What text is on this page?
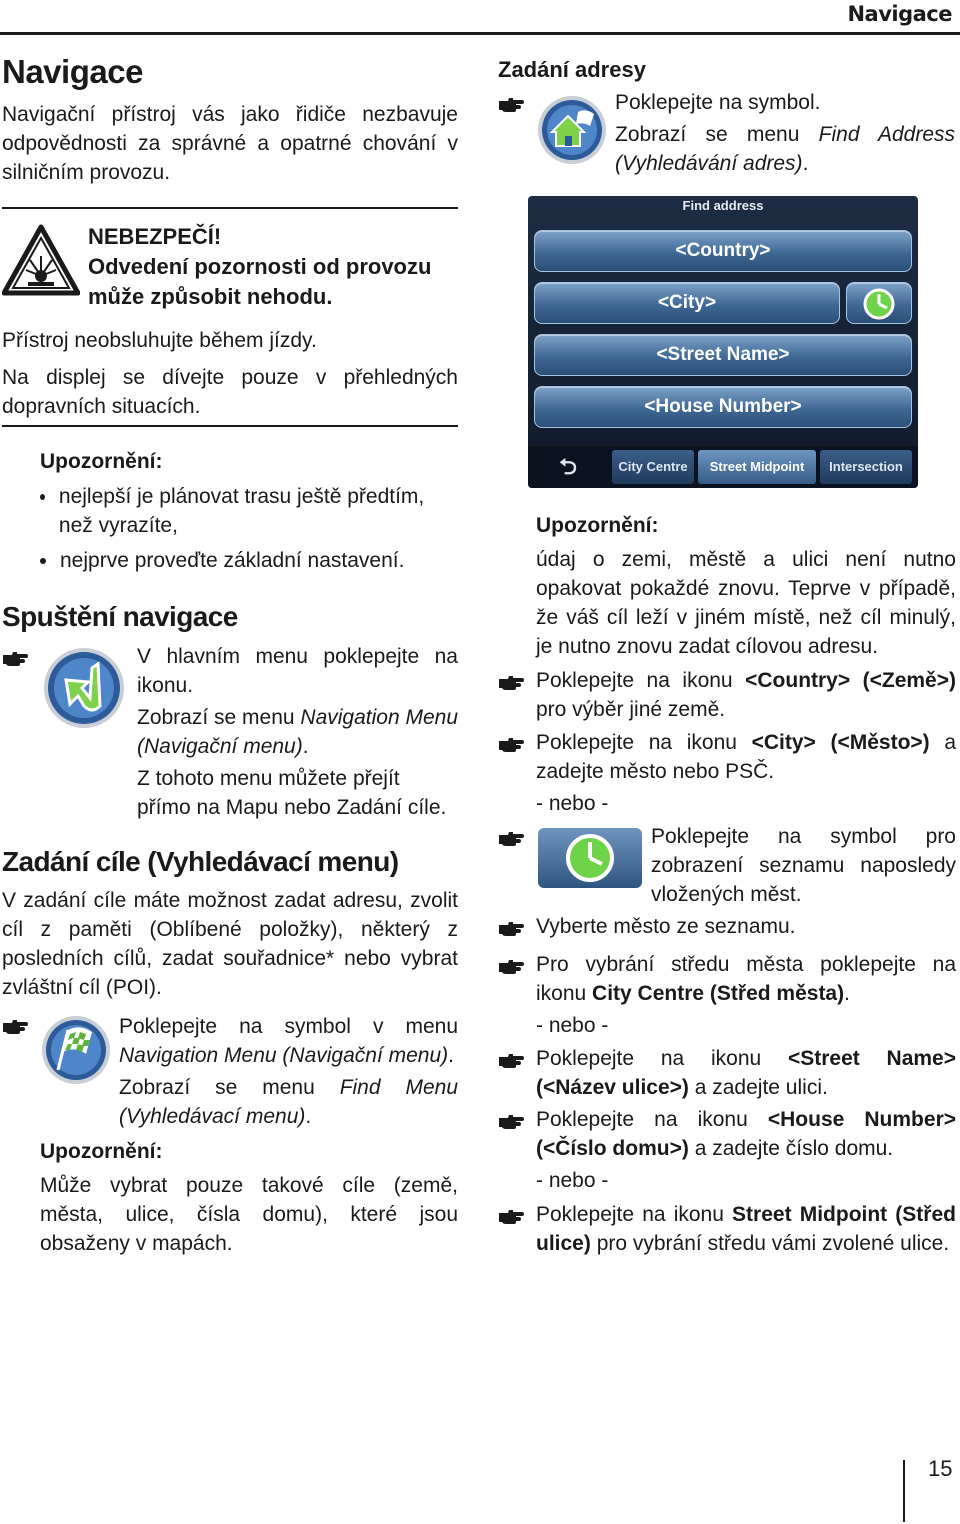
Navigace
Navigace

Navigační přístroj vás jako řidiče nezbavuje odpovědnosti za správné a opatrné chování v silničním provozu.

NEBEZPEČÍ!
Odvedení pozornosti od provozu může způsobit nehodu.

Přístroj neobsluhujte během jízdy.

Na displej se dívejte pouze v přehledných dopravních situacích.

Upozornění:
nejlepší je plánovat trasu ještě předtím, než vyrazíte,
nejprve proveďte základní nastavení.
Spuštění navigace

V hlavním menu poklepejte na ikonu.

Zobrazí se menu Navigation Menu (Navigační menu).

Z tohoto menu můžete přejít přímo na Mapu nebo Zadání cíle.

Zadání cíle (Vyhledávací menu)

V zadání cíle máte možnost zadat adresu, zvolit cíl z paměti (Oblíbené položky), některý z posledních cílů, zadat souřadnice* nebo vybrat zvláštní cíl (POI).

Poklepejte na symbol v menu Navigation Menu (Navigační menu).

Zobrazí se menu Find Menu (Vyhledávací menu).

Upozornění:

Může vybrat pouze takové cíle (země, města, ulice, čísla domu), které jsou obsaženy v mapách.

Zadání adresy

Poklepejte na symbol.

Zobrazí se menu Find Address (Vyhledávání adres).

Find address
<Country>
<City>
<Street Name>
<House Number>
⮌	City Centre	Street Midpoint	Intersection
Upozornění:

údaj o zemi, městě a ulici není nutno opakovat pokaždé znovu. Teprve v případě, že váš cíl leží v jiném místě, než cíl minulý, je nutno znovu zadat cílovou adresu.

Poklepejte na ikonu <Country> (<Země>) pro výběr jiné země.

Poklepejte na ikonu <City> (<Město>) a zadejte město nebo PSČ.

- nebo -

Poklepejte na symbol pro zobrazení seznamu naposledy vložených měst.

Vyberte město ze seznamu.

Pro vybrání středu města poklepejte na ikonu City Centre (Střed města).

- nebo -

Poklepejte na ikonu <Street Name> (<Název ulice>) a zadejte ulici.

Poklepejte na ikonu <House Number> (<Číslo domu>) a zadejte číslo domu.

- nebo -

Poklepejte na ikonu Street Midpoint (Střed ulice) pro vybrání středu vámi zvolené ulice.

15
